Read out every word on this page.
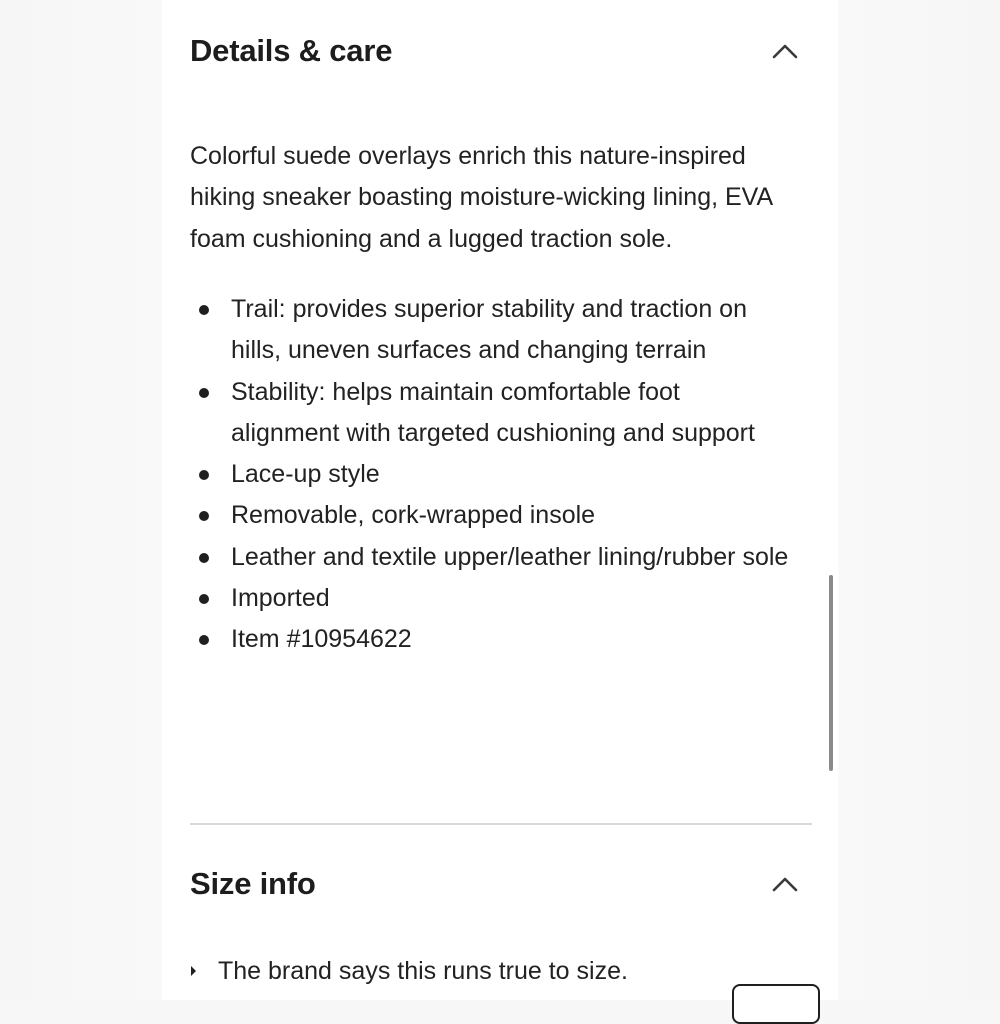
Details & care

Colorful suede overlays enrich this nature-inspired hiking sneaker boasting moisture-wicking lining, EVA foam cushioning and a lugged traction sole.

Trail: provides superior stability and traction on hills, uneven surfaces and changing terrain
Stability: helps maintain comfortable foot alignment with targeted cushioning and support
Lace-up style
Removable, cork-wrapped insole
Leather and textile upper/leather lining/rubber sole
Imported
Item #10954622
Size info
The brand says this runs true to size.
